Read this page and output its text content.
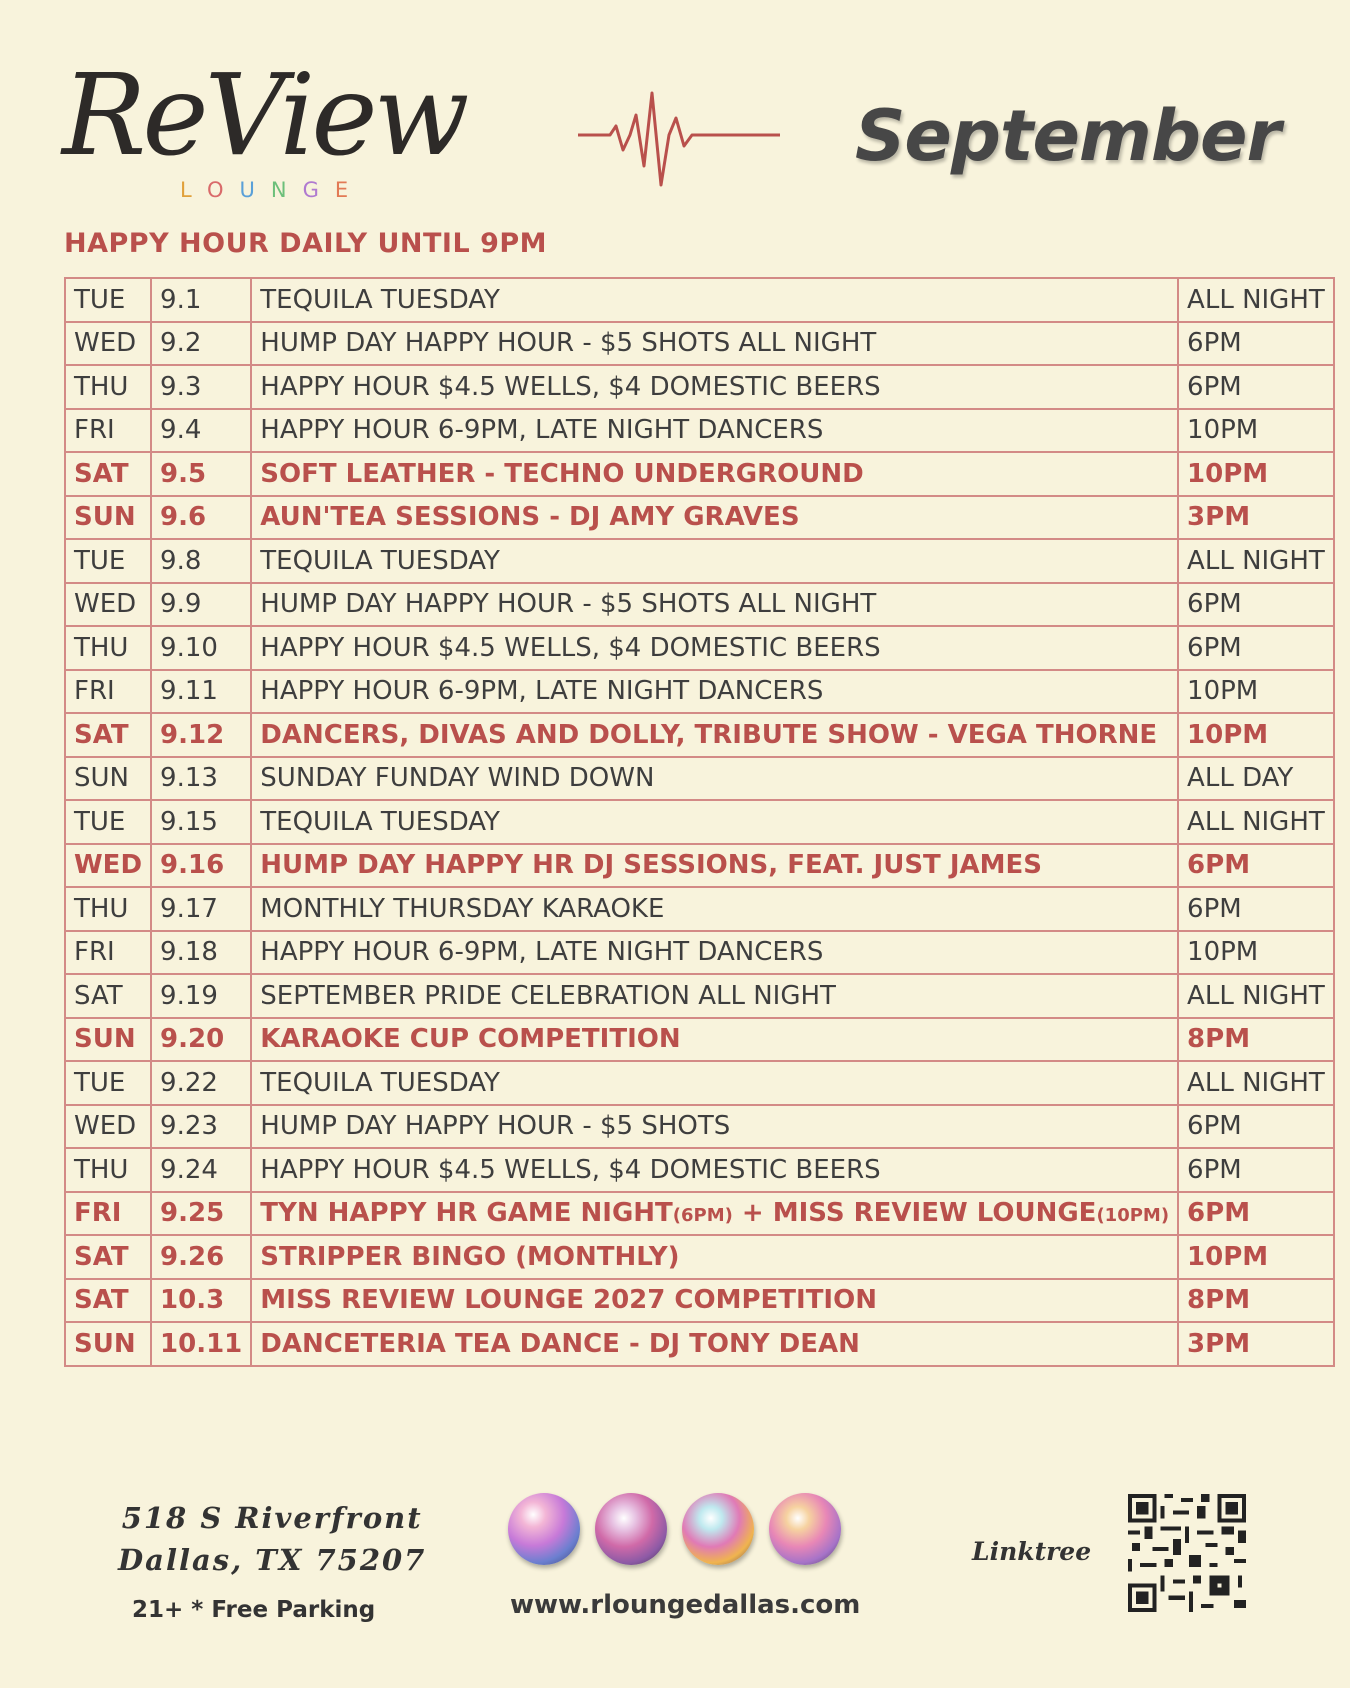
ReView
LOUNGE
September
HAPPY HOUR DAILY UNTIL 9PM
TUE	9.1	TEQUILA TUESDAY	ALL NIGHT
WED	9.2	HUMP DAY HAPPY HOUR - $5 SHOTS ALL NIGHT	6PM
THU	9.3	HAPPY HOUR $4.5 WELLS, $4 DOMESTIC BEERS	6PM
FRI	9.4	HAPPY HOUR 6-9PM, LATE NIGHT DANCERS	10PM
SAT	9.5	SOFT LEATHER - TECHNO UNDERGROUND	10PM
SUN	9.6	AUN'TEA SESSIONS - DJ AMY GRAVES	3PM
TUE	9.8	TEQUILA TUESDAY	ALL NIGHT
WED	9.9	HUMP DAY HAPPY HOUR - $5 SHOTS ALL NIGHT	6PM
THU	9.10	HAPPY HOUR $4.5 WELLS, $4 DOMESTIC BEERS	6PM
FRI	9.11	HAPPY HOUR 6-9PM, LATE NIGHT DANCERS	10PM
SAT	9.12	DANCERS, DIVAS AND DOLLY, TRIBUTE SHOW - VEGA THORNE	10PM
SUN	9.13	SUNDAY FUNDAY WIND DOWN	ALL DAY
TUE	9.15	TEQUILA TUESDAY	ALL NIGHT
WED	9.16	HUMP DAY HAPPY HR DJ SESSIONS, FEAT. JUST JAMES	6PM
THU	9.17	MONTHLY THURSDAY KARAOKE	6PM
FRI	9.18	HAPPY HOUR 6-9PM, LATE NIGHT DANCERS	10PM
SAT	9.19	SEPTEMBER PRIDE CELEBRATION ALL NIGHT	ALL NIGHT
SUN	9.20	KARAOKE CUP COMPETITION	8PM
TUE	9.22	TEQUILA TUESDAY	ALL NIGHT
WED	9.23	HUMP DAY HAPPY HOUR - $5 SHOTS	6PM
THU	9.24	HAPPY HOUR $4.5 WELLS, $4 DOMESTIC BEERS	6PM
FRI	9.25	TYN HAPPY HR GAME NIGHT(6PM) + MISS REVIEW LOUNGE(10PM)	6PM
SAT	9.26	STRIPPER BINGO (MONTHLY)	10PM
SAT	10.3	MISS REVIEW LOUNGE 2027 COMPETITION	8PM
SUN	10.11	DANCETERIA TEA DANCE - DJ TONY DEAN	3PM
518 S Riverfront
Dallas, TX 75207
21+ * Free Parking	www.rloungedallas.com
Linktree
